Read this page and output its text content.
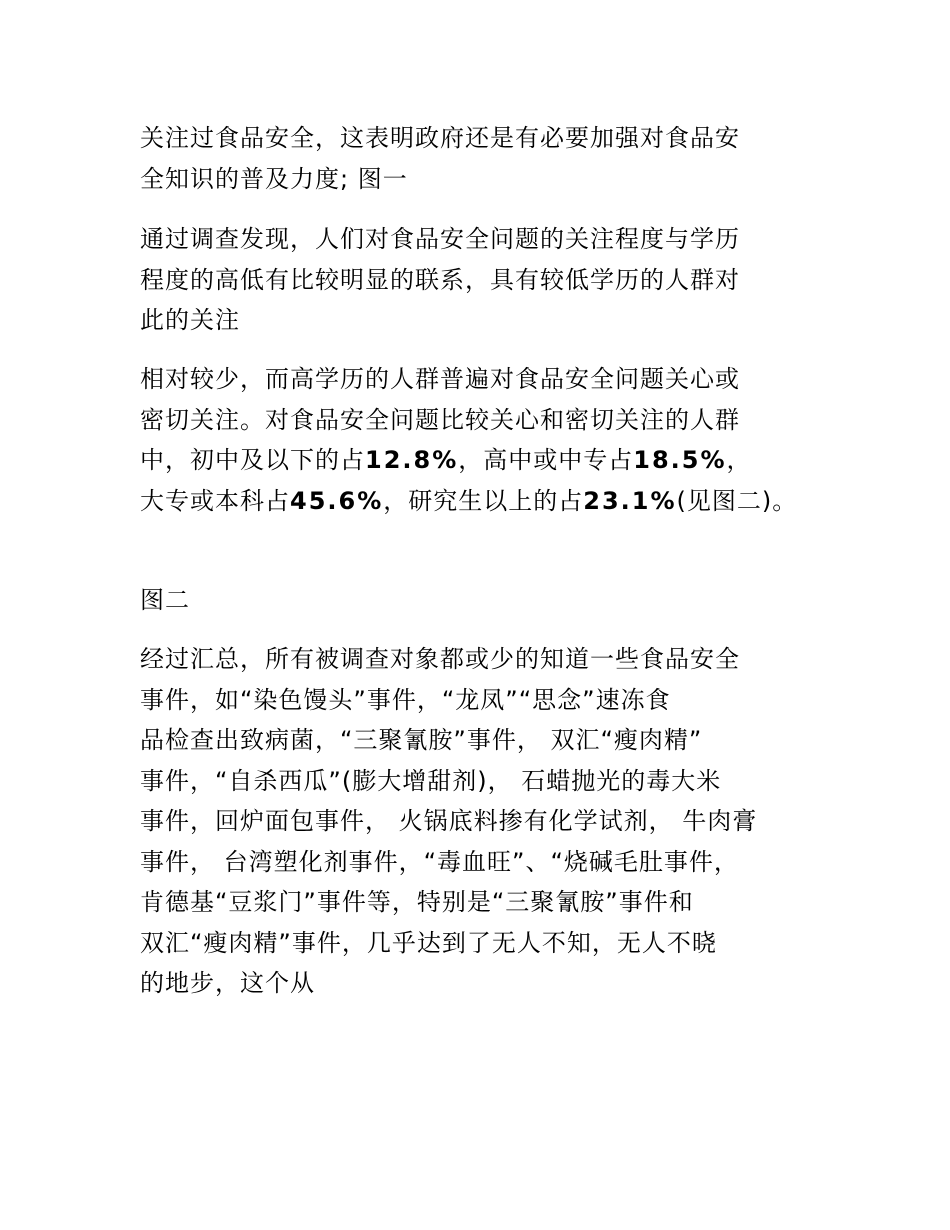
关注过食品安全，这表明政府还是有必要加强对食品安
全知识的普及力度; 图一
通过调查发现，人们对食品安全问题的关注程度与学历
程度的高低有比较明显的联系，具有较低学历的人群对
此的关注
相对较少，而高学历的人群普遍对食品安全问题关心或
密切关注。对食品安全问题比较关心和密切关注的人群
中，初中及以下的占12.8%，高中或中专占18.5%，
大专或本科占45.6%，研究生以上的占23.1%(见图二)。
图二
经过汇总，所有被调查对象都或少的知道一些食品安全
事件，如“染色馒头”事件，“龙凤”“思念”速冻食
品检查出致病菌，“三聚氰胺”事件， 双汇“瘦肉精”
事件，“自杀西瓜”(膨大增甜剂)， 石蜡抛光的毒大米
事件，回炉面包事件， 火锅底料掺有化学试剂， 牛肉膏
事件， 台湾塑化剂事件，“毒血旺”、“烧碱毛肚事件，
肯德基“豆浆门”事件等，特别是“三聚氰胺”事件和
双汇“瘦肉精”事件，几乎达到了无人不知，无人不晓
的地步，这个从
